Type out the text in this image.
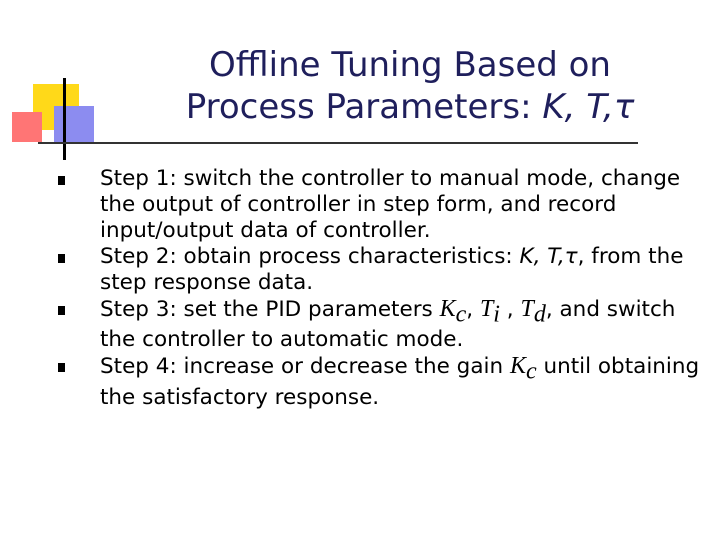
Offline Tuning Based on
Process Parameters: K, T,τ
Step 1: switch the controller to manual mode, change the output of controller in step form, and record input/output data of controller.
Step 2: obtain process characteristics: K, T,τ, from the step response data.
Step 3: set the PID parameters $K_c$, $T_i$ , $T_d$, and switch the controller to automatic mode.
Step 4: increase or decrease the gain $K_c$ until obtaining the satisfactory response.
